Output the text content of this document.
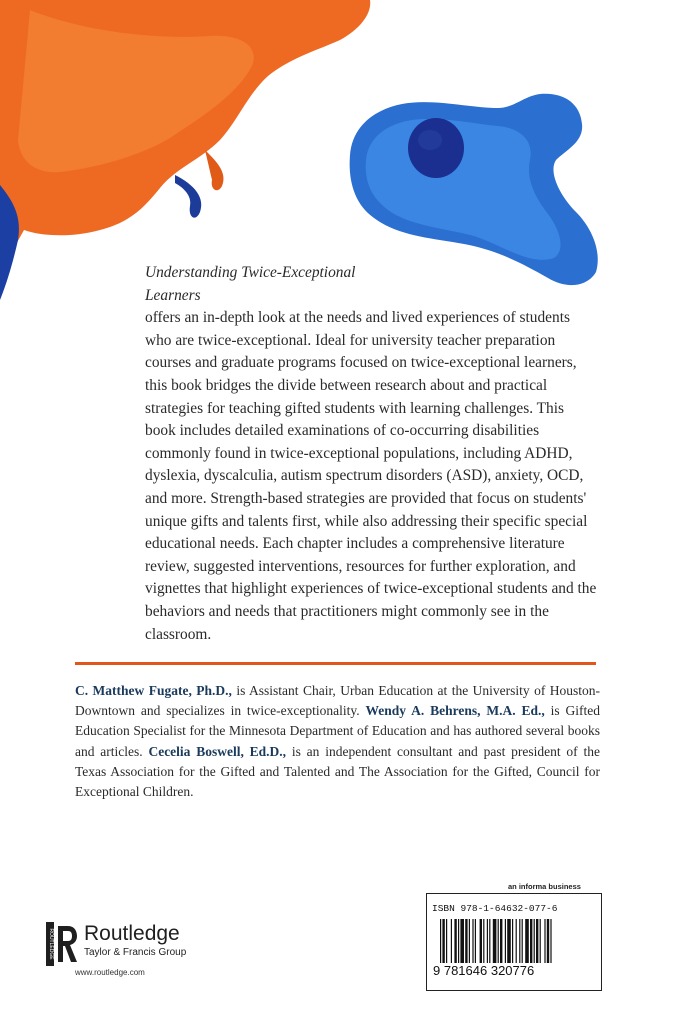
Understanding Twice-Exceptional Learners
offers an in-depth look at the needs and lived experiences of students who are twice-exceptional. Ideal for university teacher preparation courses and graduate programs focused on twice-exceptional learners, this book bridges the divide between research about and practical strategies for teaching gifted students with learning challenges. This book includes detailed examinations of co-occurring disabilities commonly found in twice-exceptional populations, including ADHD, dyslexia, dyscalculia, autism spectrum disorders (ASD), anxiety, OCD, and more. Strength-based strategies are provided that focus on students' unique gifts and talents first, while also addressing their specific special educational needs. Each chapter includes a comprehensive literature review, suggested interventions, resources for further exploration, and vignettes that highlight experiences of twice-exceptional students and the behaviors and needs that practitioners might commonly see in the classroom.
C. Matthew Fugate, Ph.D., is Assistant Chair, Urban Education at the University of Houston-Downtown and specializes in twice-exceptionality. Wendy A. Behrens, M.A. Ed., is Gifted Education Specialist for the Minnesota Department of Education and has authored several books and articles. Cecelia Boswell, Ed.D., is an independent consultant and past president of the Texas Association for the Gifted and Talented and The Association for the Gifted, Council for Exceptional Children.
an informa business
ROUTLEDGE Routledge
Taylor & Francis Group
www.routledge.com
ISBN 978-1-64632-077-6
9 781646 320776
